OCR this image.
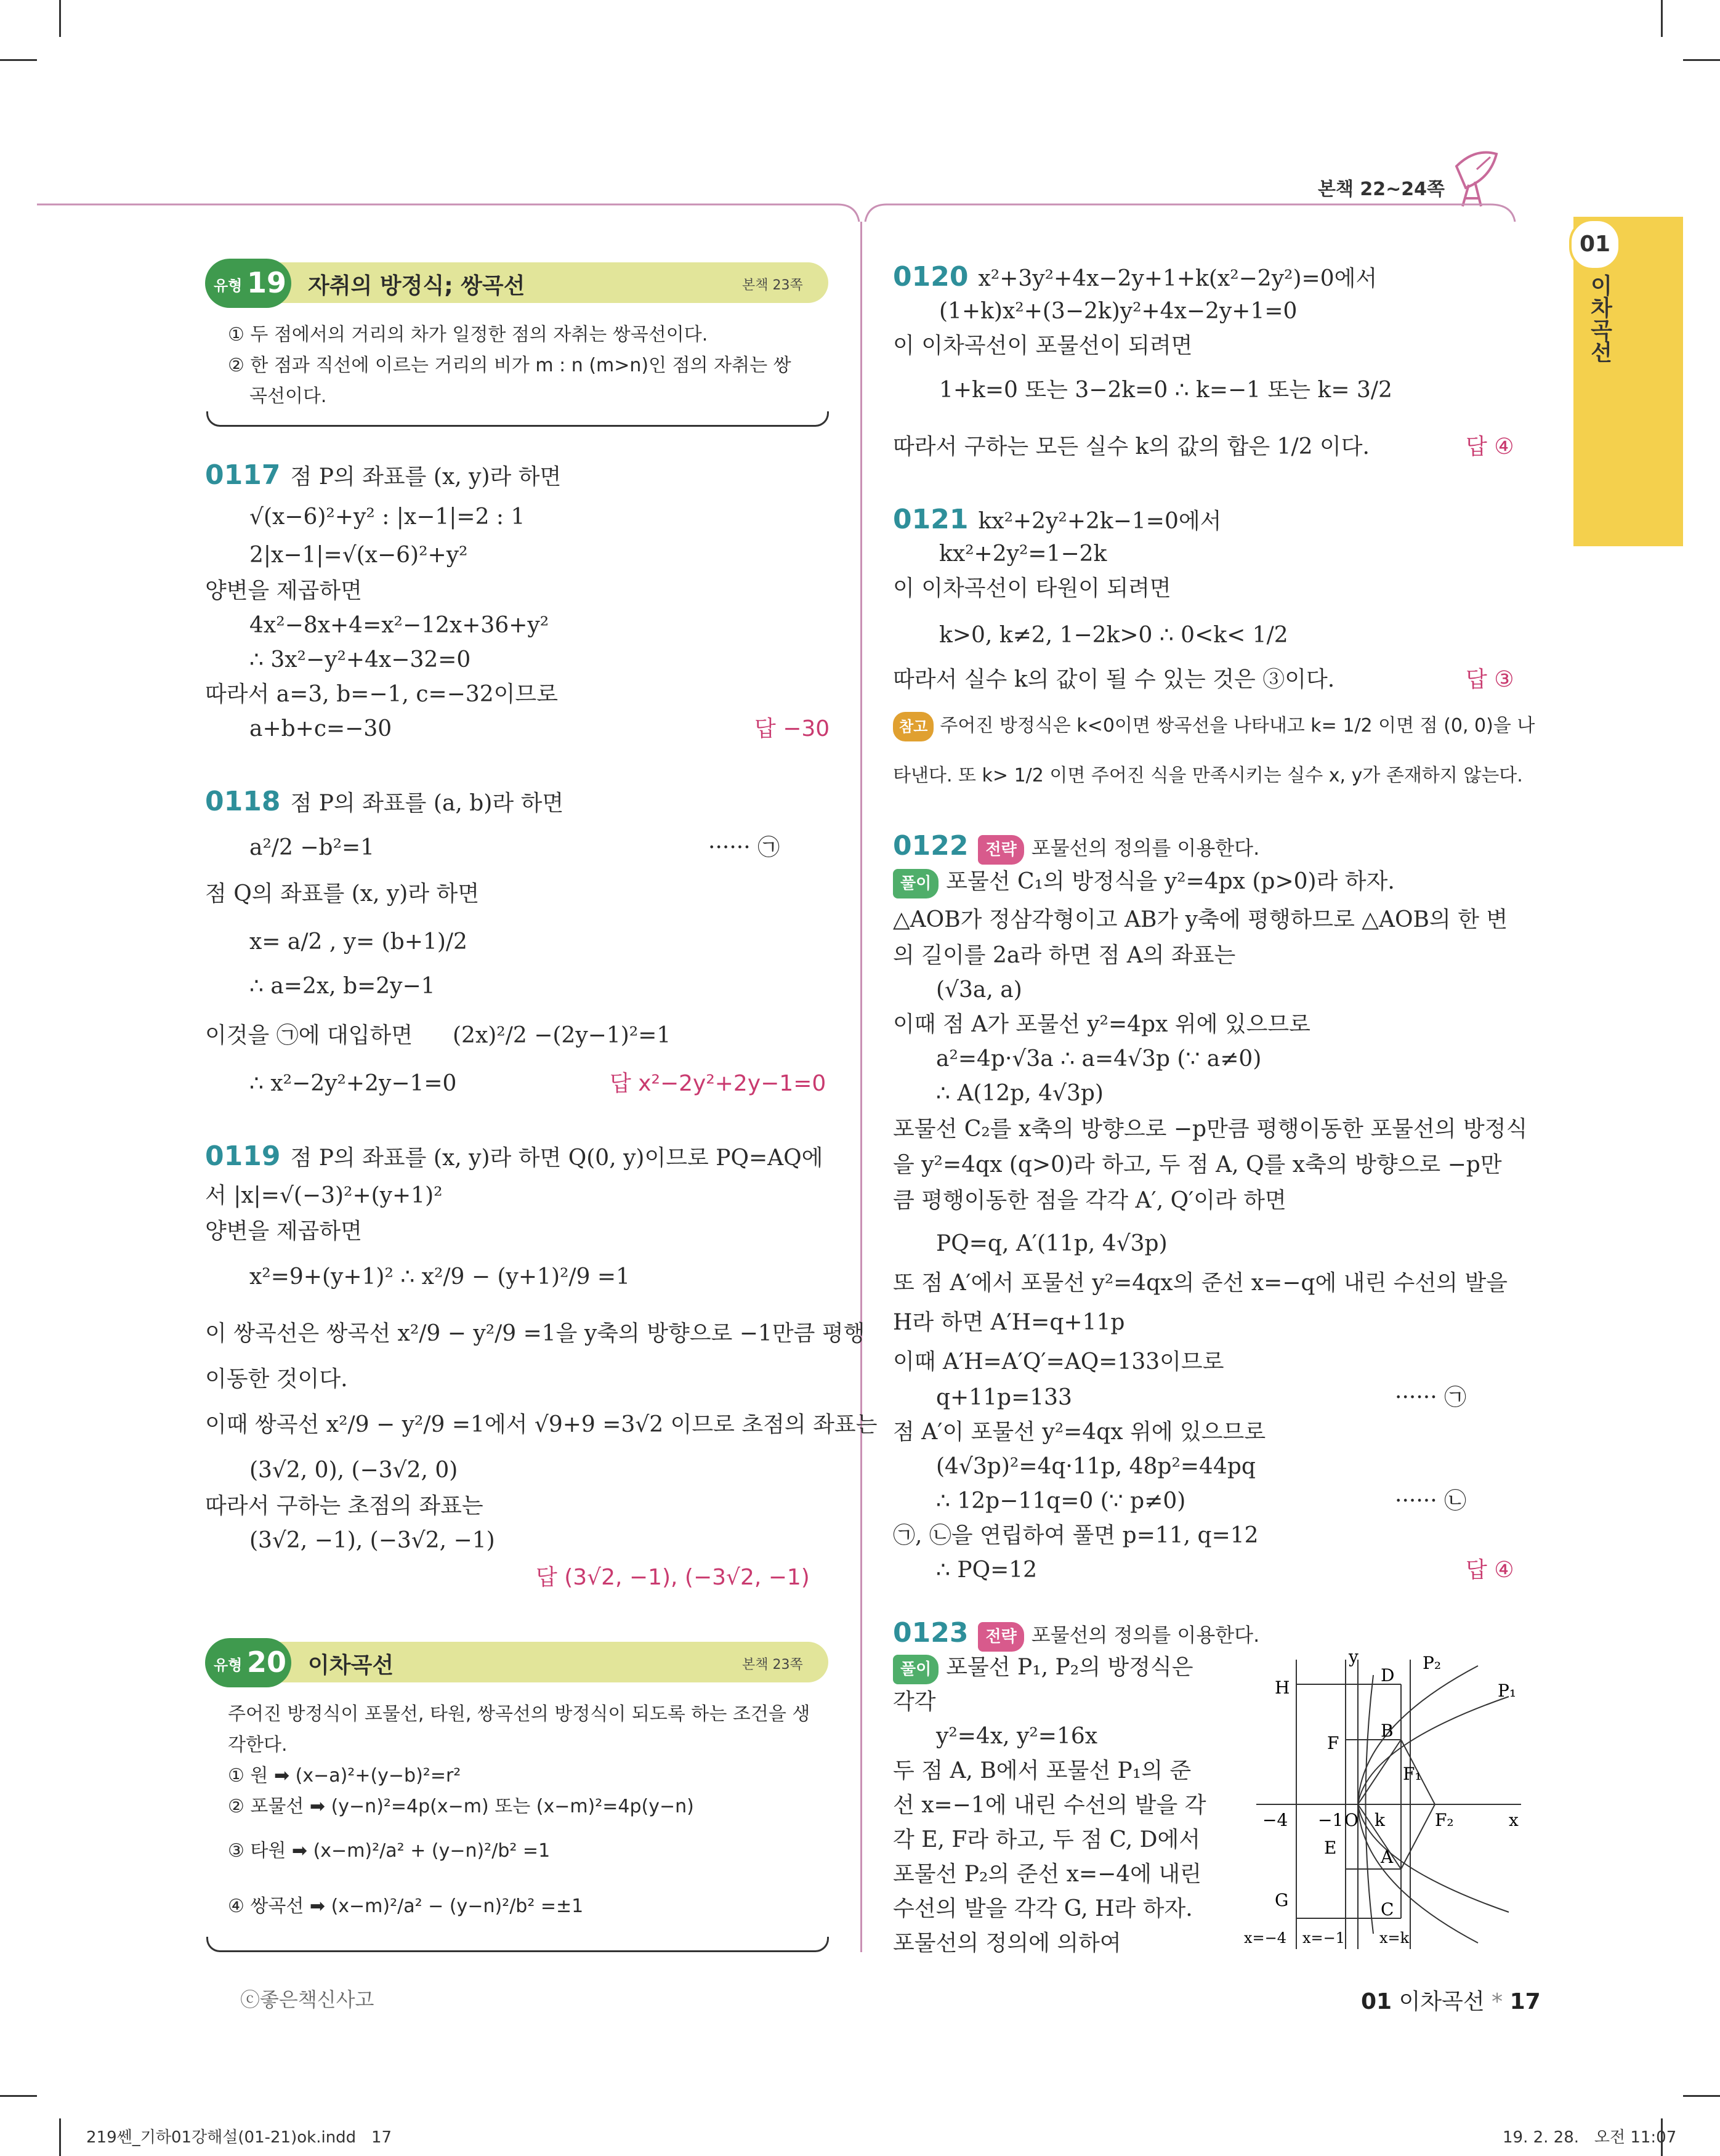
본책 22~24쪽
01
이차곡선
유형 19 자취의 방정식; 쌍곡선	본책 23쪽
① 두 점에서의 거리의 차가 일정한 점의 자취는 쌍곡선이다.
② 한 점과 직선에 이르는 거리의 비가 m : n (m>n)인 점의 자취는 쌍
곡선이다.
0117 점 P의 좌표를 (x, y)라 하면
√(x−6)²+y² : |x−1|=2 : 1
2|x−1|=√(x−6)²+y²
양변을 제곱하면
4x²−8x+4=x²−12x+36+y²
∴ 3x²−y²+4x−32=0
따라서 a=3, b=−1, c=−32이므로
a+b+c=−30	답 −30
0118 점 P의 좌표를 (a, b)라 하면
a²/2 −b²=1	······ ㉠
점 Q의 좌표를 (x, y)라 하면
x= a/2 , y= (b+1)/2
∴ a=2x, b=2y−1
이것을 ㉠에 대입하면 (2x)²/2 −(2y−1)²=1
∴ x²−2y²+2y−1=0	답 x²−2y²+2y−1=0
0119 점 P의 좌표를 (x, y)라 하면 Q(0, y)이므로 PQ=AQ에
서 |x|=√(−3)²+(y+1)²
양변을 제곱하면
x²=9+(y+1)² ∴ x²/9 − (y+1)²/9 =1
이 쌍곡선은 쌍곡선 x²/9 − y²/9 =1을 y축의 방향으로 −1만큼 평행
이동한 것이다.
이때 쌍곡선 x²/9 − y²/9 =1에서 √9+9 =3√2 이므로 초점의 좌표는
(3√2, 0), (−3√2, 0)
따라서 구하는 초점의 좌표는
(3√2, −1), (−3√2, −1)
답 (3√2, −1), (−3√2, −1)
유형 20 이차곡선	본책 23쪽
주어진 방정식이 포물선, 타원, 쌍곡선의 방정식이 되도록 하는 조건을 생
각한다.
① 원 ➡ (x−a)²+(y−b)²=r²
② 포물선 ➡ (y−n)²=4p(x−m) 또는 (x−m)²=4p(y−n)
③ 타원 ➡ (x−m)²/a² + (y−n)²/b² =1
④ 쌍곡선 ➡ (x−m)²/a² − (y−n)²/b² =±1
0120 x²+3y²+4x−2y+1+k(x²−2y²)=0에서
(1+k)x²+(3−2k)y²+4x−2y+1=0
이 이차곡선이 포물선이 되려면
1+k=0 또는 3−2k=0 ∴ k=−1 또는 k= 3/2
따라서 구하는 모든 실수 k의 값의 합은 1/2 이다.	답 ④
0121 kx²+2y²+2k−1=0에서
kx²+2y²=1−2k
이 이차곡선이 타원이 되려면
k>0, k≠2, 1−2k>0 ∴ 0<k< 1/2
따라서 실수 k의 값이 될 수 있는 것은 ③이다.	답 ③
참고 주어진 방정식은 k<0이면 쌍곡선을 나타내고 k= 1/2 이면 점 (0, 0)을 나
타낸다. 또 k> 1/2 이면 주어진 식을 만족시키는 실수 x, y가 존재하지 않는다.
0122 전략 포물선의 정의를 이용한다.
풀이 포물선 C₁의 방정식을 y²=4px (p>0)라 하자.
△AOB가 정삼각형이고 AB가 y축에 평행하므로 △AOB의 한 변
의 길이를 2a라 하면 점 A의 좌표는
(√3a, a)
이때 점 A가 포물선 y²=4px 위에 있으므로
a²=4p·√3a ∴ a=4√3p (∵ a≠0)
∴ A(12p, 4√3p)
포물선 C₂를 x축의 방향으로 −p만큼 평행이동한 포물선의 방정식
을 y²=4qx (q>0)라 하고, 두 점 A, Q를 x축의 방향으로 −p만
큼 평행이동한 점을 각각 A′, Q′이라 하면
PQ=q, A′(11p, 4√3p)
또 점 A′에서 포물선 y²=4qx의 준선 x=−q에 내린 수선의 발을
H라 하면 A′H=q+11p
이때 A′H=A′Q′=AQ=133이므로
q+11p=133	······ ㉠
점 A′이 포물선 y²=4qx 위에 있으므로
(4√3p)²=4q·11p, 48p²=44pq
∴ 12p−11q=0 (∵ p≠0)	······ ㉡
㉠, ㉡을 연립하여 풀면 p=11, q=12
∴ PQ=12	답 ④
0123 전략 포물선의 정의를 이용한다.
풀이 포물선 P₁, P₂의 방정식은
각각
y²=4x, y²=16x
두 점 A, B에서 포물선 P₁의 준
선 x=−1에 내린 수선의 발을 각
각 E, F라 하고, 두 점 C, D에서
포물선 P₂의 준선 x=−4에 내린
수선의 발을 각각 G, H라 하자.
포물선의 정의에 의하여
y
D
P₂
P₁
H
B
F
F₁
−4 −1 O k	F₂	x
E	A
G	C
x=−4 x=−1 x=k
ⓒ좋은책신사고	01 이차곡선 * 17
219쎈_기하01강해설(01-21)ok.indd   17	19. 2. 28.   오전 11:07
